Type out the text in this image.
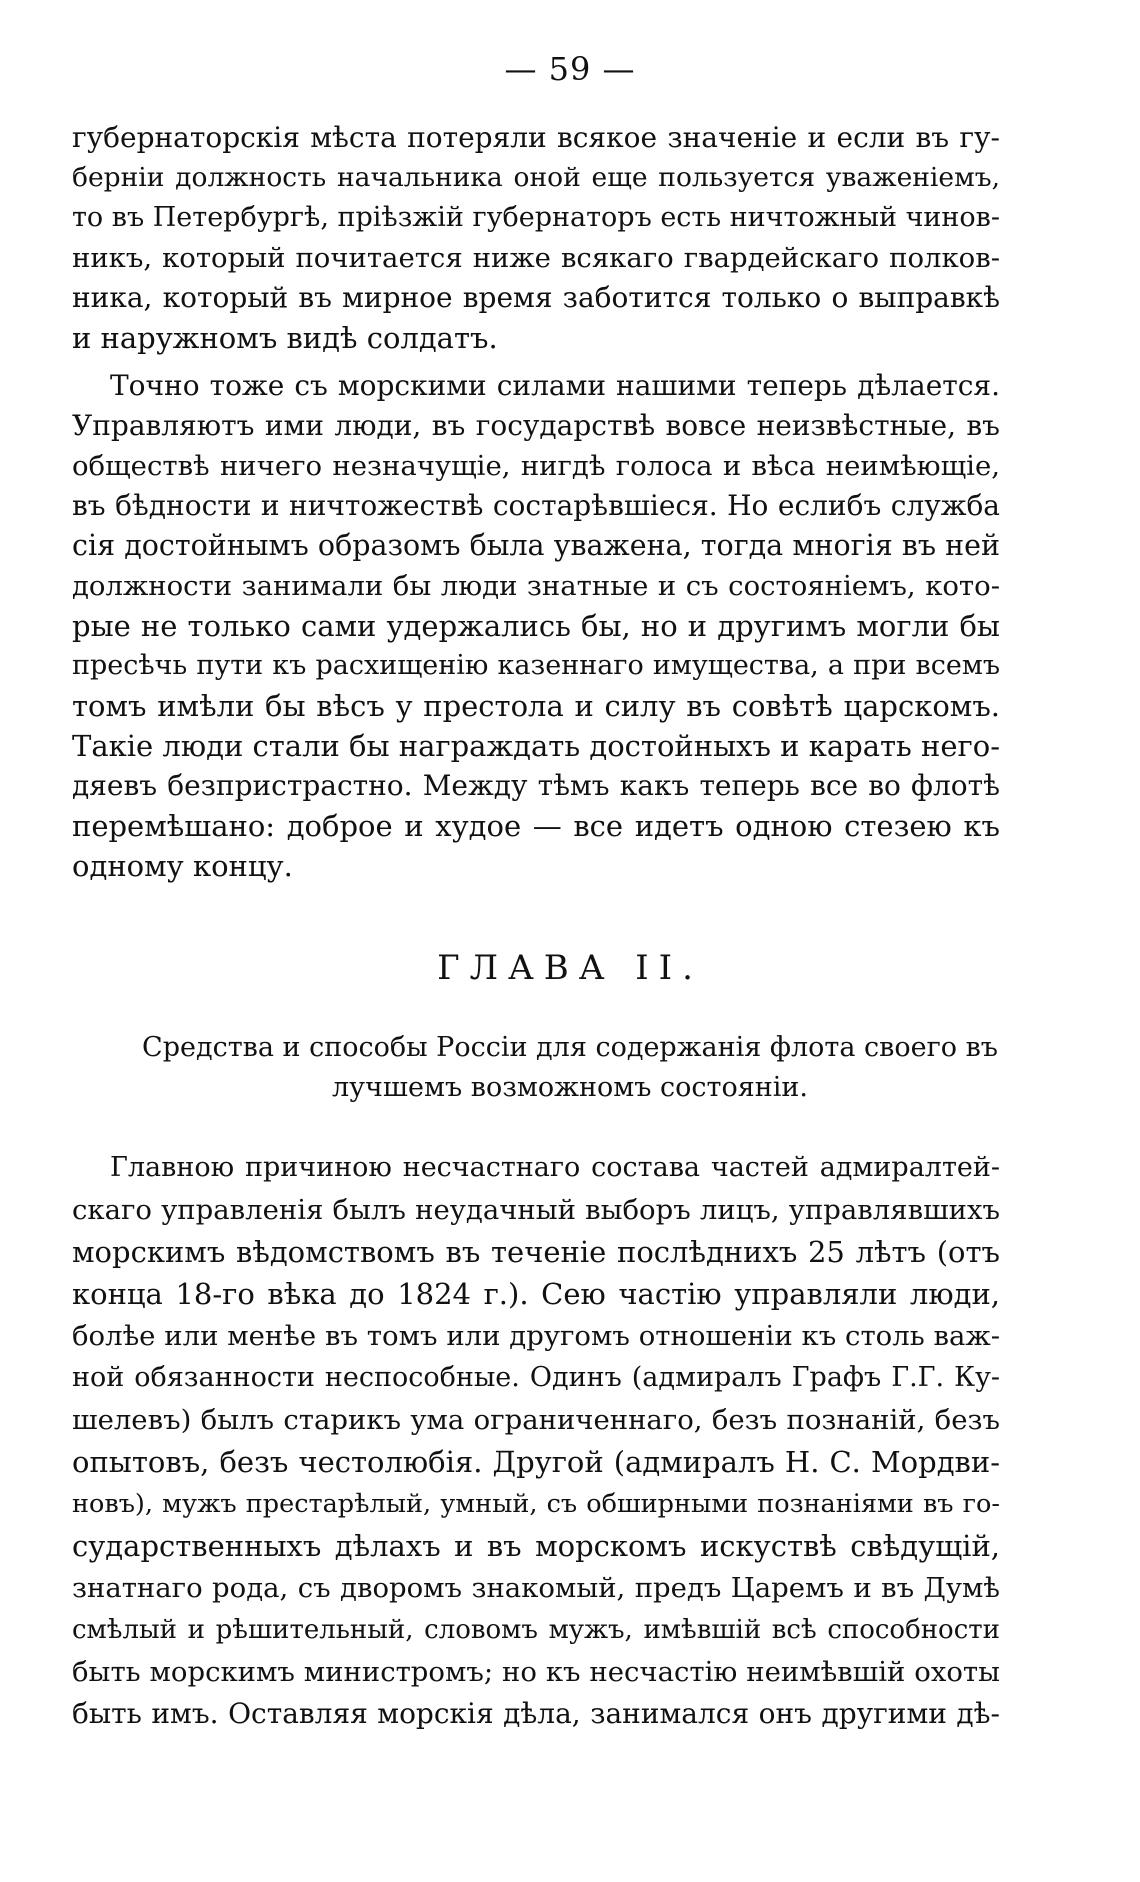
— 59 —

губернаторскія мѣста потеряли всякое значеніе и если въ гу-

берніи должность начальника оной еще пользуется уваженіемъ,

то въ Петербургѣ, пріѣзжій губернаторъ есть ничтожный чинов-

никъ, который почитается ниже всякаго гвардейскаго полков-

ника, который въ мирное время заботится только о выправкѣ

и наружномъ видѣ солдатъ.

Точно тоже съ морскими силами нашими теперь дѣлается.

Управляютъ ими люди, въ государствѣ вовсе неизвѣстные, въ

обществѣ ничего незначущіе, нигдѣ голоса и вѣса неимѣющіе,

въ бѣдности и ничтожествѣ состарѣвшіеся. Но еслибъ служба

сія достойнымъ образомъ была уважена, тогда многія въ ней

должности занимали бы люди знатные и съ состояніемъ, кото-

рые не только сами удержались бы, но и другимъ могли бы

пресѣчь пути къ расхищенію казеннаго имущества, а при всемъ

томъ имѣли бы вѣсъ у престола и силу въ совѣтѣ царскомъ.

Такіе люди стали бы награждать достойныхъ и карать него-

дяевъ безпристрастно. Между тѣмъ какъ теперь все во флотѣ

перемѣшано: доброе и худое — все идетъ одною стезею къ

одному концу.

ГЛАВА II.
Средства и способы Россіи для содержанія флота своего въ
лучшемъ возможномъ состояніи.

Главною причиною несчастнаго состава частей адмиралтей-

скаго управленія былъ неудачный выборъ лицъ, управлявшихъ

морскимъ вѣдомствомъ въ теченіе послѣднихъ 25 лѣтъ (отъ

конца 18-го вѣка до 1824 г.). Сею частію управляли люди,

болѣе или менѣе въ томъ или другомъ отношеніи къ столь важ-

ной обязанности неспособные. Одинъ (адмиралъ Графъ Г.Г. Ку-

шелевъ) былъ старикъ ума ограниченнаго, безъ познаній, безъ

опытовъ, безъ честолюбія. Другой (адмиралъ Н. С. Мордви-

новъ), мужъ престарѣлый, умный, съ обширными познаніями въ го-

сударственныхъ дѣлахъ и въ морскомъ искуствѣ свѣдущій,

знатнаго рода, съ дворомъ знакомый, предъ Царемъ и въ Думѣ

смѣлый и рѣшительный, словомъ мужъ, имѣвшій всѣ способности

быть морскимъ министромъ; но къ несчастію неимѣвшій охоты

быть имъ. Оставляя морскія дѣла, занимался онъ другими дѣ-
